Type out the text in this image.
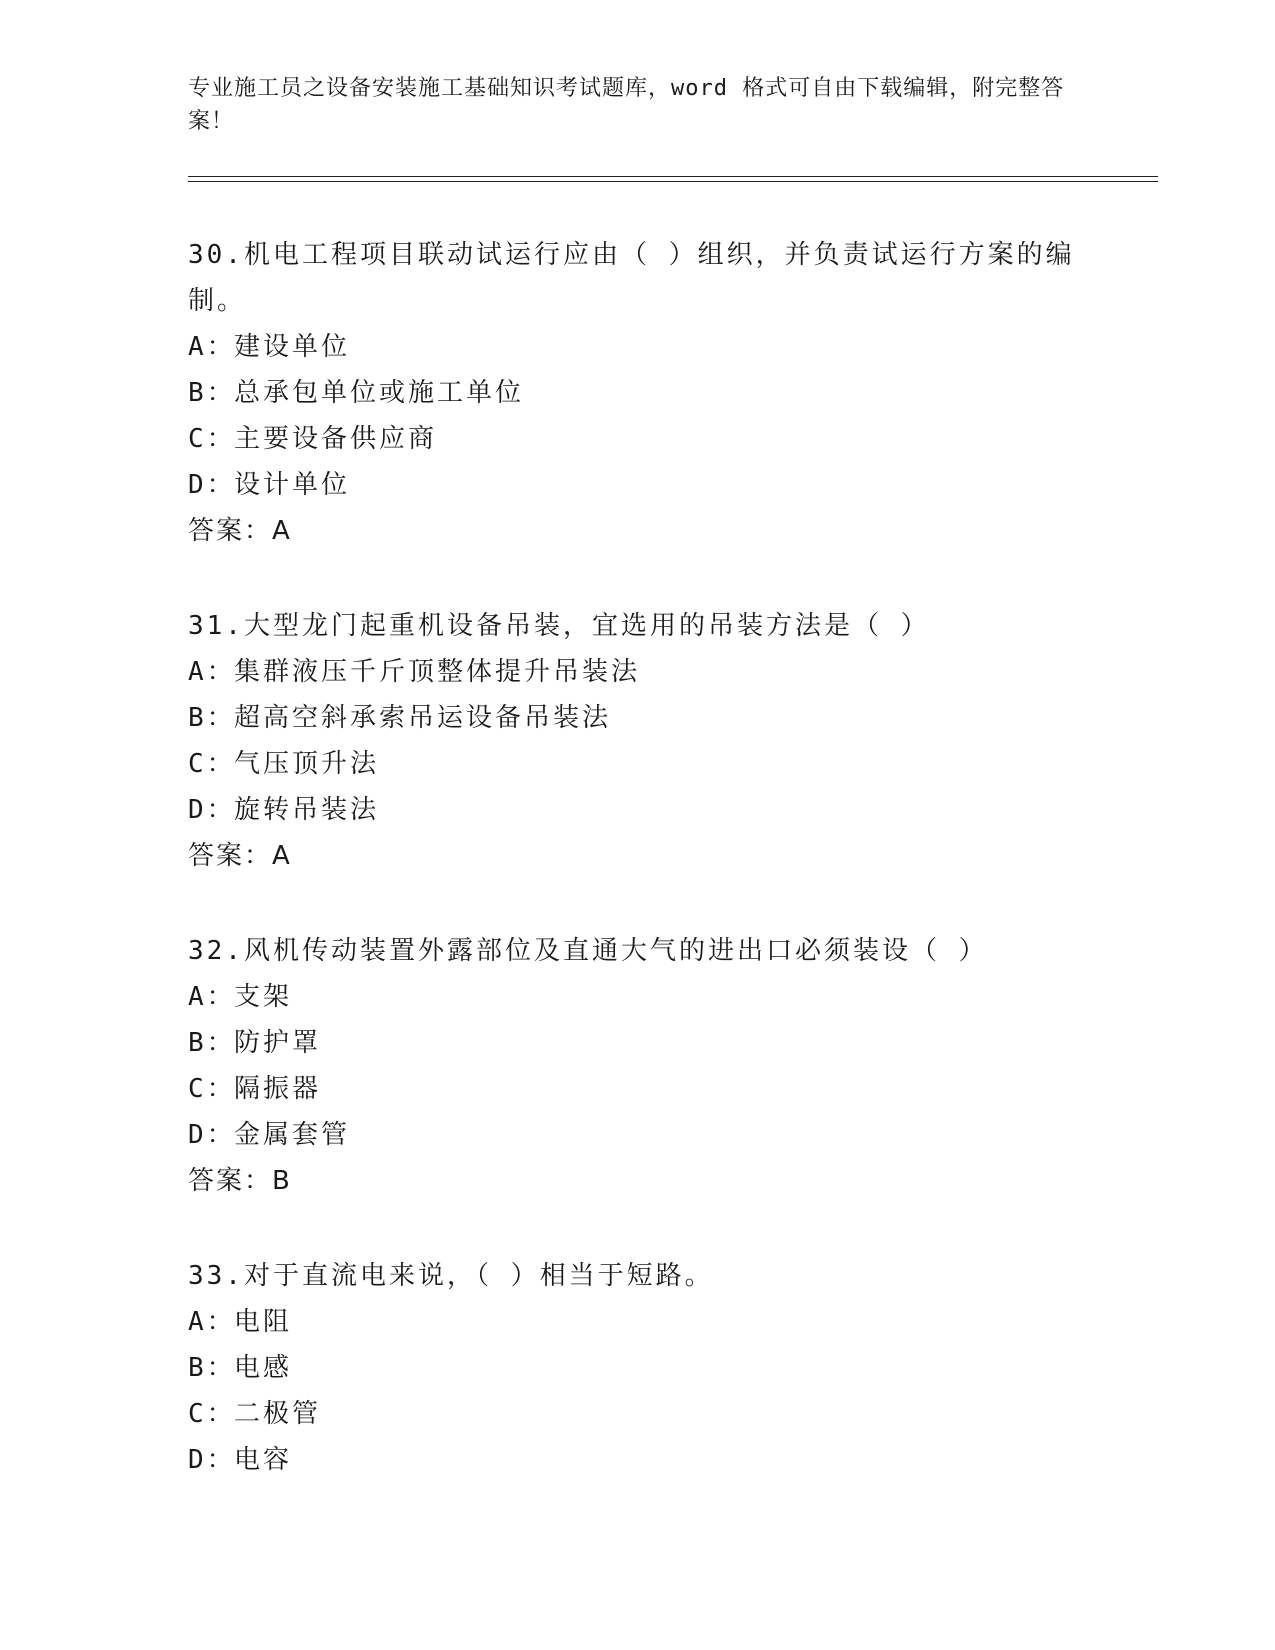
专业施工员之设备安装施工基础知识考试题库，word 格式可自由下载编辑，附完整答案！
30.机电工程项目联动试运行应由（ ）组织，并负责试运行方案的编制。
A：建设单位
B：总承包单位或施工单位
C：主要设备供应商
D：设计单位
答案：A
31.大型龙门起重机设备吊装，宜选用的吊装方法是（ ）
A：集群液压千斤顶整体提升吊装法
B：超高空斜承索吊运设备吊装法
C：气压顶升法
D：旋转吊装法
答案：A
32.风机传动装置外露部位及直通大气的进出口必须装设（ ）
A：支架
B：防护罩
C：隔振器
D：金属套管
答案：B
33.对于直流电来说，（ ）相当于短路。
A：电阻
B：电感
C：二极管
D：电容
